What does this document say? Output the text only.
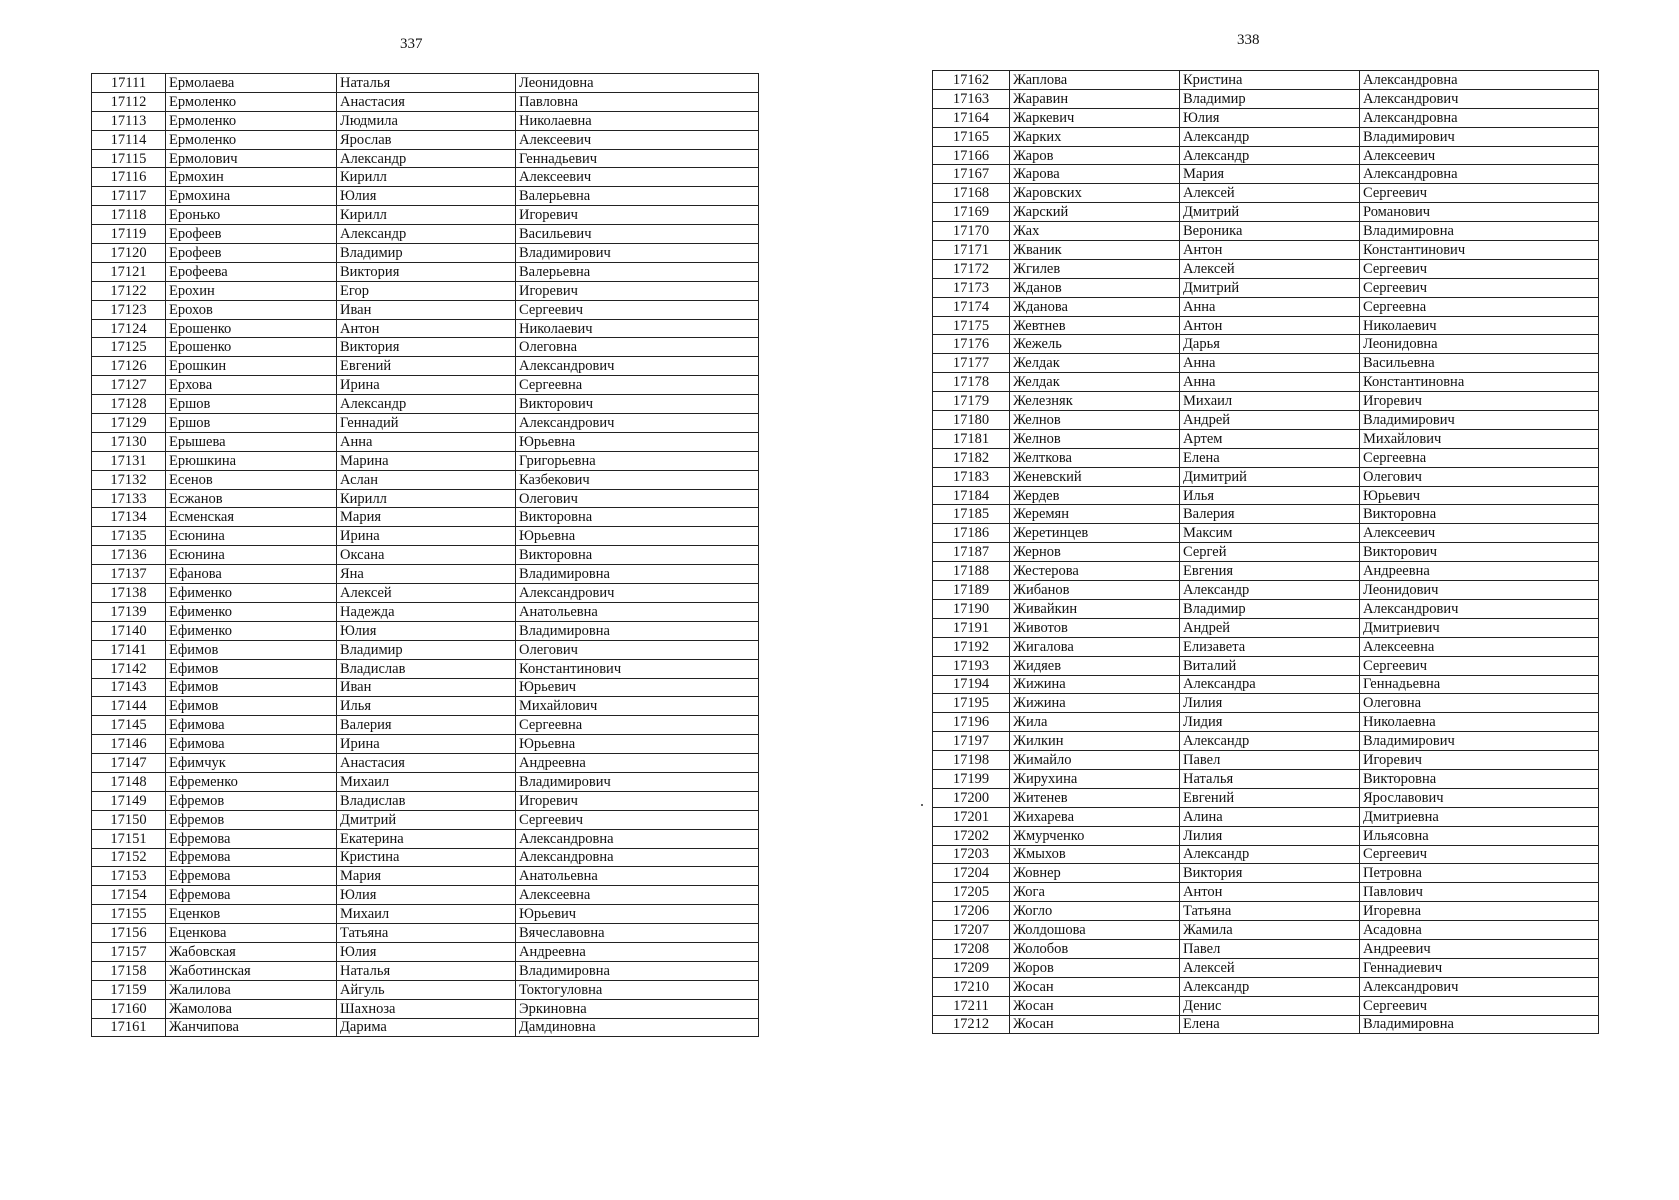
337	338
17111	Ермолаева	Наталья	Леонидовна
17112	Ермоленко	Анастасия	Павловна
17113	Ермоленко	Людмила	Николаевна
17114	Ермоленко	Ярослав	Алексеевич
17115	Ермолович	Александр	Геннадьевич
17116	Ермохин	Кирилл	Алексеевич
17117	Ермохина	Юлия	Валерьевна
17118	Еронько	Кирилл	Игоревич
17119	Ерофеев	Александр	Васильевич
17120	Ерофеев	Владимир	Владимирович
17121	Ерофеева	Виктория	Валерьевна
17122	Ерохин	Егор	Игоревич
17123	Ерохов	Иван	Сергеевич
17124	Ерошенко	Антон	Николаевич
17125	Ерошенко	Виктория	Олеговна
17126	Ерошкин	Евгений	Александрович
17127	Ерхова	Ирина	Сергеевна
17128	Ершов	Александр	Викторович
17129	Ершов	Геннадий	Александрович
17130	Ерышева	Анна	Юрьевна
17131	Ерюшкина	Марина	Григорьевна
17132	Есенов	Аслан	Казбекович
17133	Есжанов	Кирилл	Олегович
17134	Есменская	Мария	Викторовна
17135	Есюнина	Ирина	Юрьевна
17136	Есюнина	Оксана	Викторовна
17137	Ефанова	Яна	Владимировна
17138	Ефименко	Алексей	Александрович
17139	Ефименко	Надежда	Анатольевна
17140	Ефименко	Юлия	Владимировна
17141	Ефимов	Владимир	Олегович
17142	Ефимов	Владислав	Константинович
17143	Ефимов	Иван	Юрьевич
17144	Ефимов	Илья	Михайлович
17145	Ефимова	Валерия	Сергеевна
17146	Ефимова	Ирина	Юрьевна
17147	Ефимчук	Анастасия	Андреевна
17148	Ефременко	Михаил	Владимирович
17149	Ефремов	Владислав	Игоревич
17150	Ефремов	Дмитрий	Сергеевич
17151	Ефремова	Екатерина	Александровна
17152	Ефремова	Кристина	Александровна
17153	Ефремова	Мария	Анатольевна
17154	Ефремова	Юлия	Алексеевна
17155	Еценков	Михаил	Юрьевич
17156	Еценкова	Татьяна	Вячеславовна
17157	Жабовская	Юлия	Андреевна
17158	Жаботинская	Наталья	Владимировна
17159	Жалилова	Айгуль	Токтогуловна
17160	Жамолова	Шахноза	Эркиновна
17161	Жанчипова	Дарима	Дамдиновна
17162	Жаплова	Кристина	Александровна
17163	Жаравин	Владимир	Александрович
17164	Жаркевич	Юлия	Александровна
17165	Жарких	Александр	Владимирович
17166	Жаров	Александр	Алексеевич
17167	Жарова	Мария	Александровна
17168	Жаровских	Алексей	Сергеевич
17169	Жарский	Дмитрий	Романович
17170	Жах	Вероника	Владимировна
17171	Жваник	Антон	Константинович
17172	Жгилев	Алексей	Сергеевич
17173	Жданов	Дмитрий	Сергеевич
17174	Жданова	Анна	Сергеевна
17175	Жевтнев	Антон	Николаевич
17176	Жежель	Дарья	Леонидовна
17177	Желдак	Анна	Васильевна
17178	Желдак	Анна	Константиновна
17179	Железняк	Михаил	Игоревич
17180	Желнов	Андрей	Владимирович
17181	Желнов	Артем	Михайлович
17182	Желткова	Елена	Сергеевна
17183	Женевский	Димитрий	Олегович
17184	Жердев	Илья	Юрьевич
17185	Жеремян	Валерия	Викторовна
17186	Жеретинцев	Максим	Алексеевич
17187	Жернов	Сергей	Викторович
17188	Жестерова	Евгения	Андреевна
17189	Жибанов	Александр	Леонидович
17190	Живайкин	Владимир	Александрович
17191	Животов	Андрей	Дмитриевич
17192	Жигалова	Елизавета	Алексеевна
17193	Жидяев	Виталий	Сергеевич
17194	Жижина	Александра	Геннадьевна
17195	Жижина	Лилия	Олеговна
17196	Жила	Лидия	Николаевна
17197	Жилкин	Александр	Владимирович
17198	Жимайло	Павел	Игоревич
17199	Жирухина	Наталья	Викторовна
17200	Житенев	Евгений	Ярославович
17201	Жихарева	Алина	Дмитриевна
17202	Жмурченко	Лилия	Ильясовна
17203	Жмыхов	Александр	Сергеевич
17204	Жовнер	Виктория	Петровна
17205	Жога	Антон	Павлович
17206	Жогло	Татьяна	Игоревна
17207	Жолдошова	Жамила	Асадовна
17208	Жолобов	Павел	Андреевич
17209	Жоров	Алексей	Геннадиевич
17210	Жосан	Александр	Александрович
17211	Жосан	Денис	Сергеевич
17212	Жосан	Елена	Владимировна
